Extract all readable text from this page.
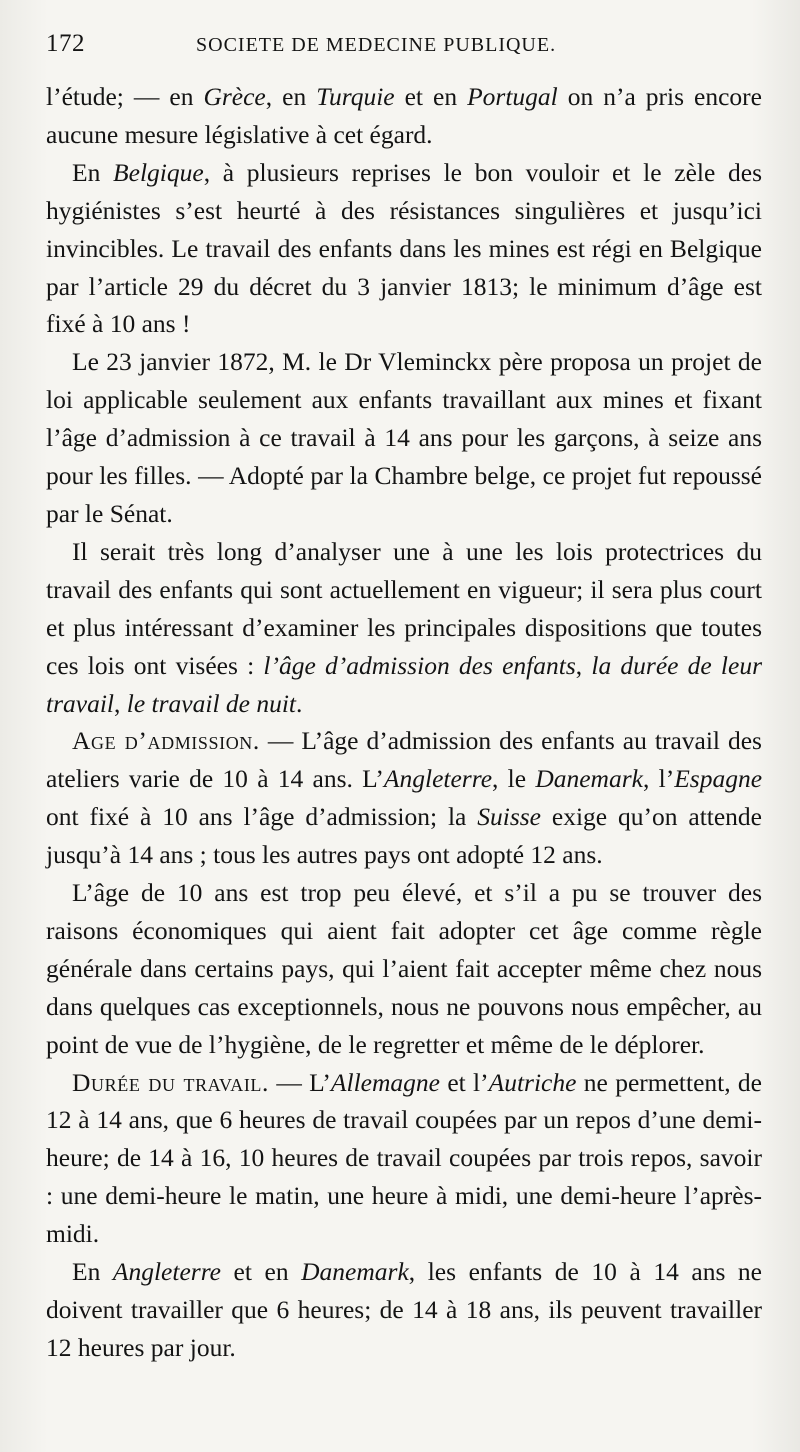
172	SOCIETE DE MEDECINE PUBLIQUE.

l’étude; — en Grèce, en Turquie et en Portugal on n’a pris encore aucune mesure législative à cet égard.

En Belgique, à plusieurs reprises le bon vouloir et le zèle des hygiénistes s’est heurté à des résistances singulières et jusqu’ici invincibles. Le travail des enfants dans les mines est régi en Belgique par l’article 29 du décret du 3 janvier 1813; le minimum d’âge est fixé à 10 ans !

Le 23 janvier 1872, M. le Dr Vleminckx père proposa un projet de loi applicable seulement aux enfants travaillant aux mines et fixant l’âge d’admission à ce travail à 14 ans pour les garçons, à seize ans pour les filles. — Adopté par la Chambre belge, ce projet fut repoussé par le Sénat.

Il serait très long d’analyser une à une les lois protectrices du travail des enfants qui sont actuellement en vigueur; il sera plus court et plus intéressant d’examiner les principales dispositions que toutes ces lois ont visées : l’âge d’admission des enfants, la durée de leur travail, le travail de nuit.

Age d’admission. — L’âge d’admission des enfants au travail des ateliers varie de 10 à 14 ans. L’Angleterre, le Danemark, l’Espagne ont fixé à 10 ans l’âge d’admission; la Suisse exige qu’on attende jusqu’à 14 ans ; tous les autres pays ont adopté 12 ans.

L’âge de 10 ans est trop peu élevé, et s’il a pu se trouver des raisons économiques qui aient fait adopter cet âge comme règle générale dans certains pays, qui l’aient fait accepter même chez nous dans quelques cas exceptionnels, nous ne pouvons nous empêcher, au point de vue de l’hygiène, de le regretter et même de le déplorer.

Durée du travail. — L’Allemagne et l’Autriche ne permettent, de 12 à 14 ans, que 6 heures de travail coupées par un repos d’une demi-heure; de 14 à 16, 10 heures de travail coupées par trois repos, savoir : une demi-heure le matin, une heure à midi, une demi-heure l’après-midi.

En Angleterre et en Danemark, les enfants de 10 à 14 ans ne doivent travailler que 6 heures; de 14 à 18 ans, ils peuvent travailler 12 heures par jour.
